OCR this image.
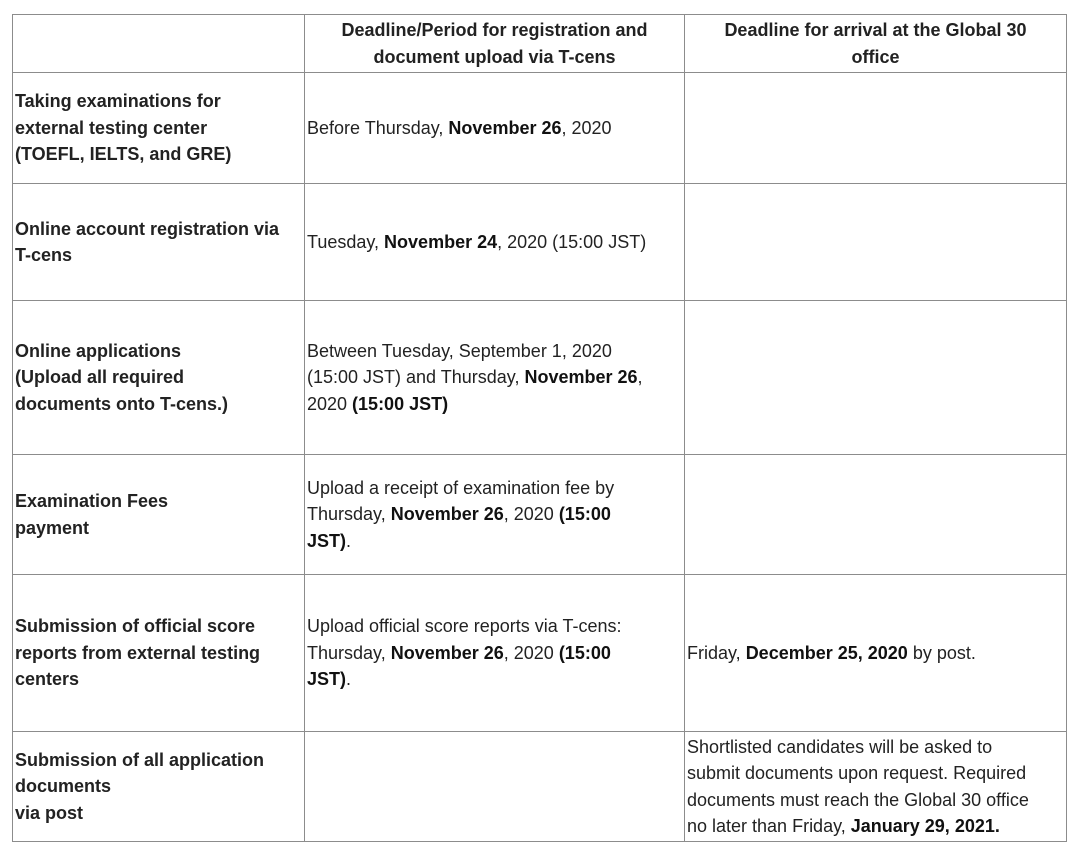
	Deadline/Period for registration and
document upload via T-cens	Deadline for arrival at the Global 30
office

Taking examinations for
external testing center
(TOEFL, IELTS, and GRE)	Before Thursday, November 26, 2020	

Online account registration via
T-cens	Tuesday, November 24, 2020 (15:00 JST)	

Online applications
(Upload all required
documents onto T-cens.)	Between Tuesday, September 1, 2020
(15:00 JST) and Thursday, November 26,
2020 (15:00 JST)	

Examination Fees
payment	Upload a receipt of examination fee by
Thursday, November 26, 2020 (15:00
JST).	

Submission of official score
reports from external testing
centers	Upload official score reports via T-cens:
Thursday, November 26, 2020 (15:00
JST).	Friday, December 25, 2020 by post.

Submission of all application
documents
via post		Shortlisted candidates will be asked to
submit documents upon request. Required
documents must reach the Global 30 office
no later than Friday, January 29, 2021.
